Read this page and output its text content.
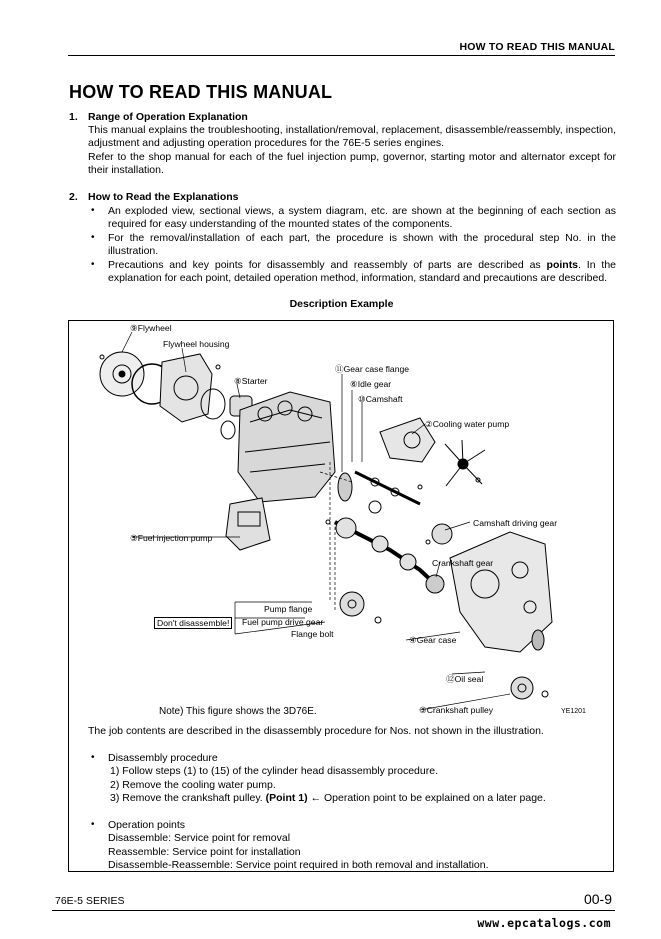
HOW TO READ THIS MANUAL
HOW TO READ THIS MANUAL
1. Range of Operation Explanation
This manual explains the troubleshooting, installation/removal, replacement, disassemble/reassembly, inspection, adjustment and adjusting operation procedures for the 76E-5 series engines.
Refer to the shop manual for each of the fuel injection pump, governor, starting motor and alternator except for their installation.
2. How to Read the Explanations
• An exploded view, sectional views, a system diagram, etc. are shown at the beginning of each section as required for easy understanding of the mounted states of the components.
• For the removal/installation of each part, the procedure is shown with the procedural step No. in the illustration.
• Precautions and key points for disassembly and reassembly of parts are described as points. In the explanation for each point, detailed operation method, information, standard and precautions are described.
Description Example
⑨Flywheel
Flywheel housing
⑧Starter
⑪Gear case flange
⑥Idle gear
⑩Camshaft
②Cooling water pump
Camshaft driving gear
⑤Fuel injection pump
Crankshaft gear
Pump flange
Don't disassemble!	Fuel pump drive gear
Flange bolt
④Gear case
⑫Oil seal
③Crankshaft pulley	YE1201
Note) This figure shows the 3D76E.
The job contents are described in the disassembly procedure for Nos. not shown in the illustration.
• Disassembly procedure
1) Follow steps (1) to (15) of the cylinder head disassembly procedure.
2) Remove the cooling water pump.
3) Remove the crankshaft pulley. (Point 1) ← Operation point to be explained on a later page.
• Operation points
Disassemble: Service point for removal
Reassemble: Service point for installation
Disassemble-Reassemble: Service point required in both removal and installation.
76E-5 SERIES	00-9
www.epcatalogs.com
